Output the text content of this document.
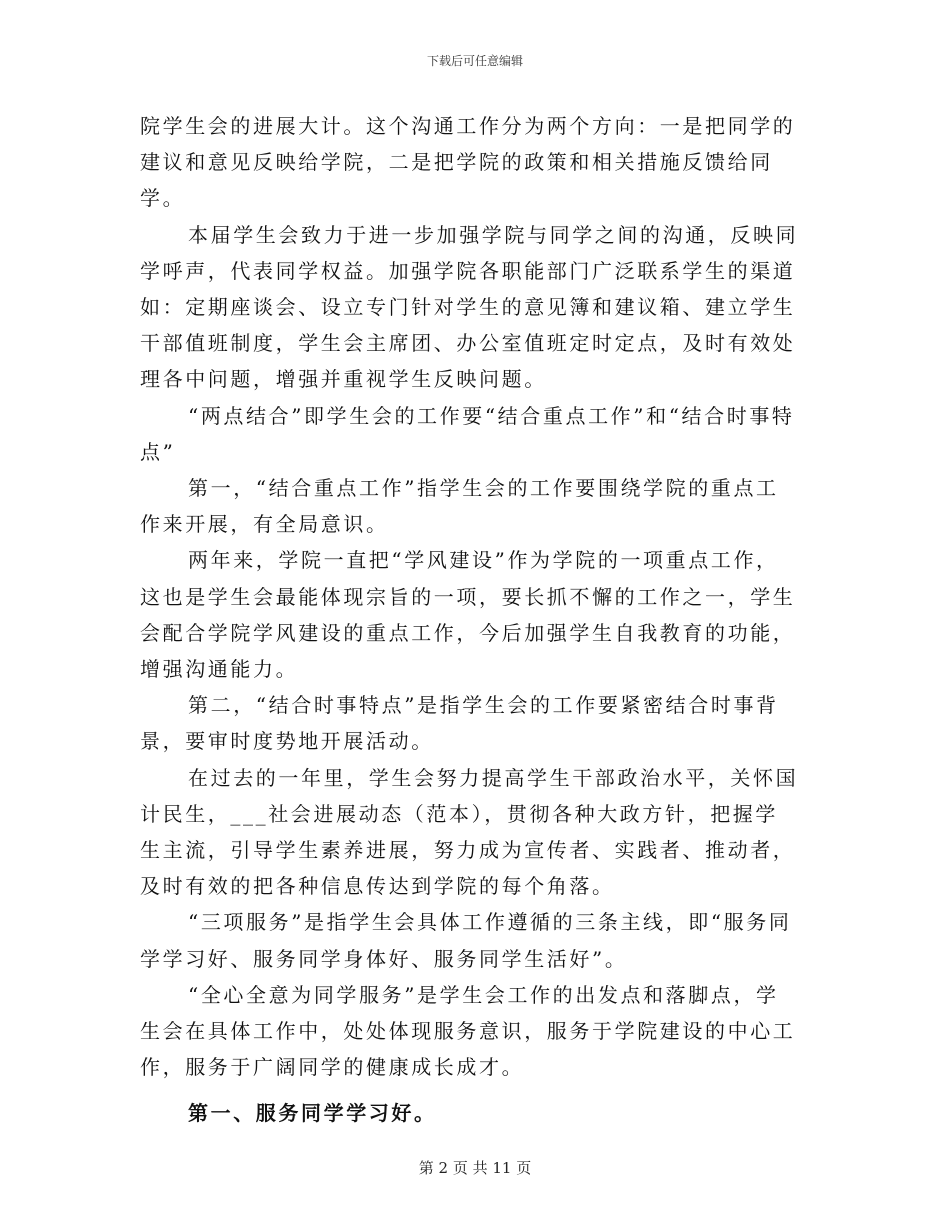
下载后可任意编辑

院学生会的进展大计。这个沟通工作分为两个方向：一是把同学的建议和意见反映给学院，二是把学院的政策和相关措施反馈给同学。

本届学生会致力于进一步加强学院与同学之间的沟通，反映同学呼声，代表同学权益。加强学院各职能部门广泛联系学生的渠道如：定期座谈会、设立专门针对学生的意见簿和建议箱、建立学生干部值班制度，学生会主席团、办公室值班定时定点，及时有效处理各中问题，增强并重视学生反映问题。

“两点结合”即学生会的工作要“结合重点工作”和“结合时事特点”

第一，“结合重点工作”指学生会的工作要围绕学院的重点工作来开展，有全局意识。

两年来，学院一直把“学风建设”作为学院的一项重点工作，这也是学生会最能体现宗旨的一项，要长抓不懈的工作之一，学生会配合学院学风建设的重点工作，今后加强学生自我教育的功能，增强沟通能力。

第二，“结合时事特点”是指学生会的工作要紧密结合时事背景，要审时度势地开展活动。

在过去的一年里，学生会努力提高学生干部政治水平，关怀国计民生，___社会进展动态（范本），贯彻各种大政方针，把握学生主流，引导学生素养进展，努力成为宣传者、实践者、推动者，及时有效的把各种信息传达到学院的每个角落。

“三项服务”是指学生会具体工作遵循的三条主线，即“服务同学学习好、服务同学身体好、服务同学生活好”。

“全心全意为同学服务”是学生会工作的出发点和落脚点，学生会在具体工作中，处处体现服务意识，服务于学院建设的中心工作，服务于广阔同学的健康成长成才。

第一、服务同学学习好。

第 2 页 共 11 页
